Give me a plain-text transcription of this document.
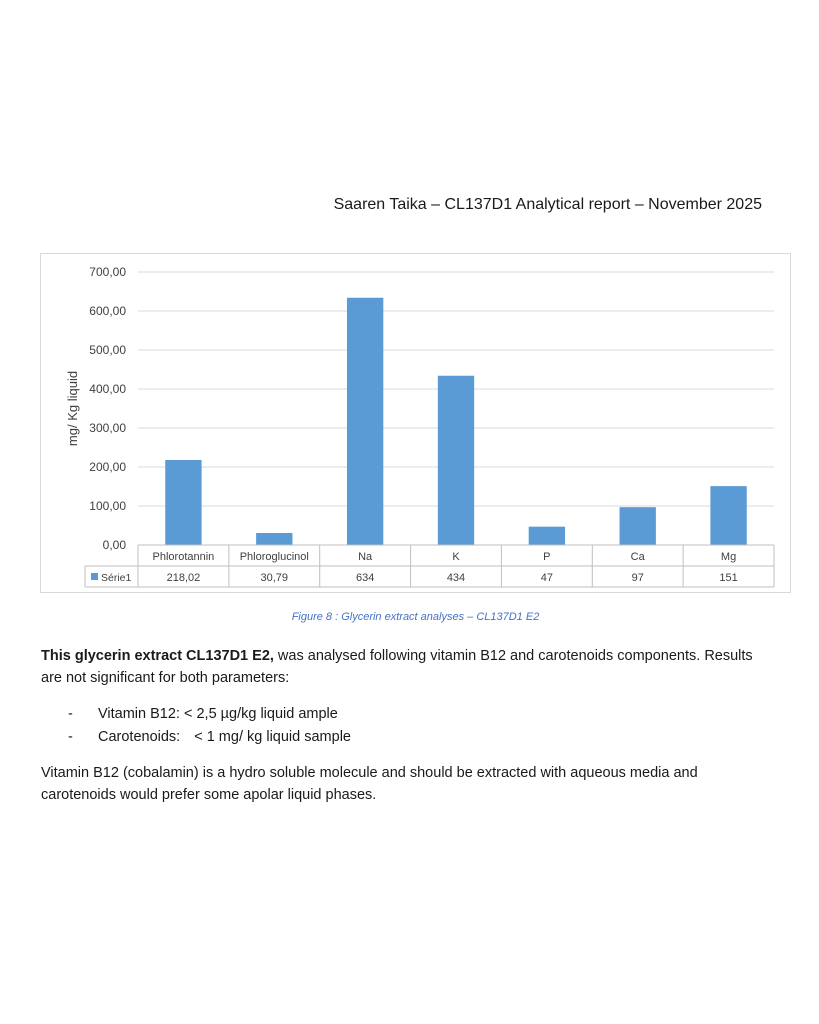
Saaren Taika – CL137D1 Analytical report – November 2025
0,00
100,00
200,00
300,00
400,00
500,00
600,00
700,00
mg/ Kg liquid
Phlorotannin
218,02
Phloroglucinol
30,79
Na
634
K
434
P
47
Ca
97
Mg
151
Série1
Figure 8 : Glycerin extract analyses – CL137D1 E2
This glycerin extract CL137D1 E2, was analysed following vitamin B12 and carotenoids components. Results are not significant for both parameters:
- Vitamin B12: < 2,5 µg/kg liquid ample
- Carotenoids: < 1 mg/ kg liquid sample
Vitamin B12 (cobalamin) is a hydro soluble molecule and should be extracted with aqueous media and carotenoids would prefer some apolar liquid phases.
